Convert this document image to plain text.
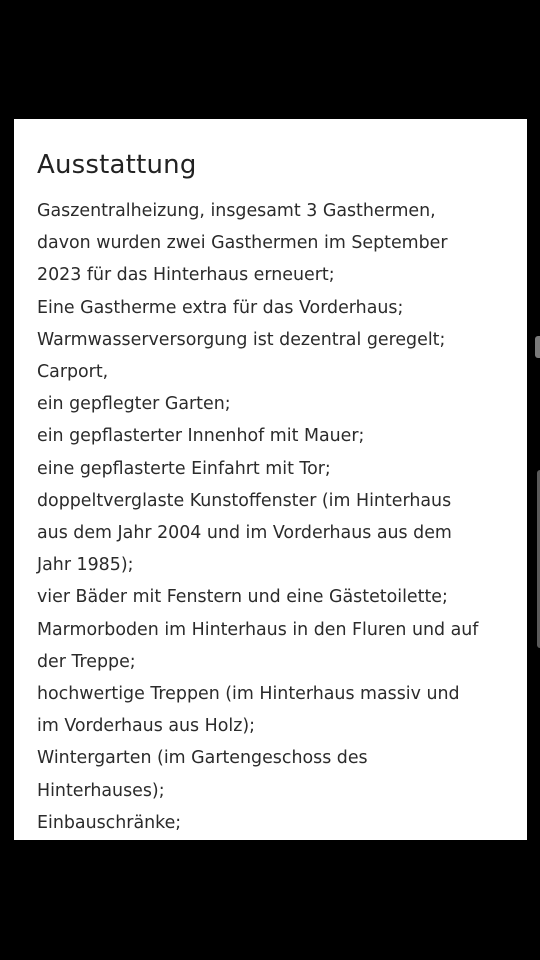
Ausstattung

Gaszentralheizung, insgesamt 3 Gasthermen,
davon wurden zwei Gasthermen im September
2023 für das Hinterhaus erneuert;
Eine Gastherme extra für das Vorderhaus;
Warmwasserversorgung ist dezentral geregelt;
Carport,
ein gepflegter Garten;
ein gepflasterter Innenhof mit Mauer;
eine gepflasterte Einfahrt mit Tor;
doppeltverglaste Kunstoffenster (im Hinterhaus
aus dem Jahr 2004 und im Vorderhaus aus dem
Jahr 1985);
vier Bäder mit Fenstern und eine Gästetoilette;
Marmorboden im Hinterhaus in den Fluren und auf
der Treppe;
hochwertige Treppen (im Hinterhaus massiv und
im Vorderhaus aus Holz);
Wintergarten (im Gartengeschoss des
Hinterhauses);
Einbauschränke;
